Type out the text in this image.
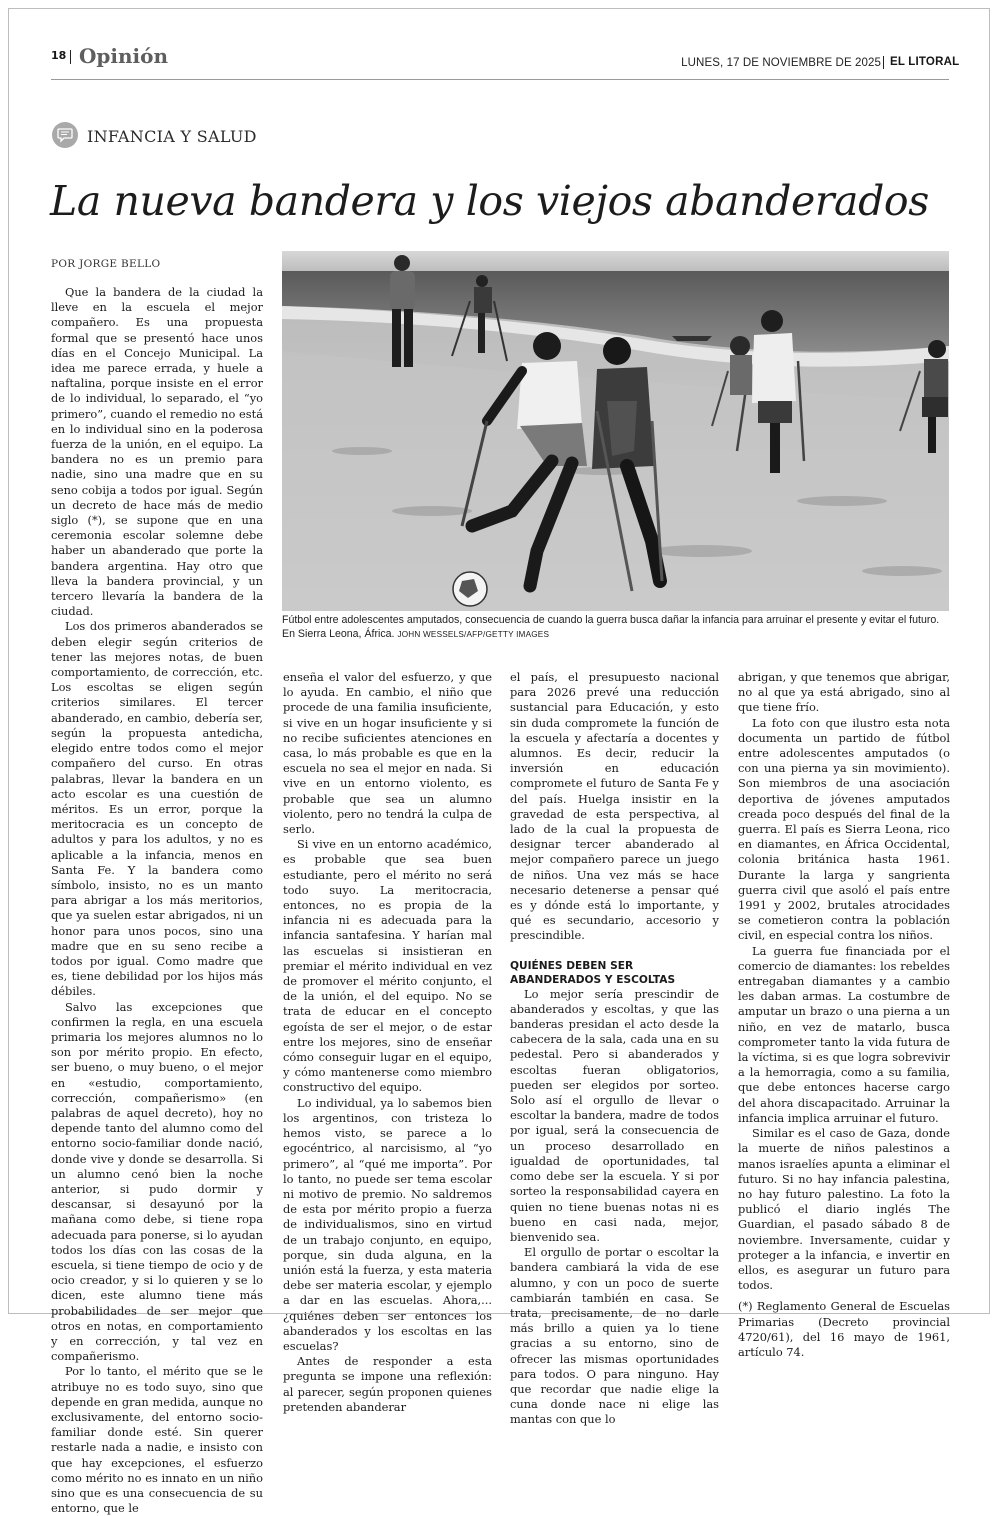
18 Opinión	LUNES, 17 DE NOVIEMBRE DE 2025 EL LITORAL
INFANCIA Y SALUD
La nueva bandera y los viejos abanderados
POR JORGE BELLO

Que la bandera de la ciudad la lleve en la escuela el mejor compañero. Es una propuesta formal que se presentó hace unos días en el Concejo Municipal. La idea me parece errada, y huele a naftalina, porque insiste en el error de lo individual, lo separado, el “yo primero”, cuando el remedio no está en lo individual sino en la poderosa fuerza de la unión, en el equipo. La bandera no es un premio para nadie, sino una madre que en su seno cobija a todos por igual. Según un decreto de hace más de medio siglo (*), se supone que en una ceremonia escolar solemne debe haber un abanderado que porte la bandera argentina. Hay otro que lleva la bandera provincial, y un tercero llevaría la bandera de la ciudad.

Los dos primeros abanderados se deben elegir según criterios de tener las mejores notas, de buen comportamiento, de corrección, etc. Los escoltas se eligen según criterios similares. El tercer abanderado, en cambio, debería ser, según la propuesta antedicha, elegido entre todos como el mejor compañero del curso. En otras palabras, llevar la bandera en un acto escolar es una cuestión de méritos. Es un error, porque la meritocracia es un concepto de adultos y para los adultos, y no es aplicable a la infancia, menos en Santa Fe. Y la bandera como símbolo, insisto, no es un manto para abrigar a los más meritorios, que ya suelen estar abrigados, ni un honor para unos pocos, sino una madre que en su seno recibe a todos por igual. Como madre que es, tiene debilidad por los hijos más débiles.

Salvo las excepciones que confirmen la regla, en una escuela primaria los mejores alumnos no lo son por mérito propio. En efecto, ser bueno, o muy bueno, o el mejor en «estudio, comportamiento, corrección, compañerismo» (en palabras de aquel decreto), hoy no depende tanto del alumno como del entorno socio-familiar donde nació, donde vive y donde se desarrolla. Si un alumno cenó bien la noche anterior, si pudo dormir y descansar, si desayunó por la mañana como debe, si tiene ropa adecuada para ponerse, si lo ayudan todos los días con las cosas de la escuela, si tiene tiempo de ocio y de ocio creador, y si lo quieren y se lo dicen, este alumno tiene más probabilidades de ser mejor que otros en notas, en comportamiento y en corrección, y tal vez en compañerismo.

Por lo tanto, el mérito que se le atribuye no es todo suyo, sino que depende en gran medida, aunque no exclusivamente, del entorno socio-familiar donde esté. Sin querer restarle nada a nadie, e insisto con que hay excepciones, el esfuerzo como mérito no es innato en un niño sino que es una consecuencia de su entorno, que le

Fútbol entre adolescentes amputados, consecuencia de cuando la guerra busca dañar la infancia para arruinar el presente y evitar el futuro. En Sierra Leona, África. JOHN WESSELS/AFP/GETTY IMAGES

enseña el valor del esfuerzo, y que lo ayuda. En cambio, el niño que procede de una familia insuficiente, si vive en un hogar insuficiente y si no recibe suficientes atenciones en casa, lo más probable es que en la escuela no sea el mejor en nada. Si vive en un entorno violento, es probable que sea un alumno violento, pero no tendrá la culpa de serlo.

Si vive en un entorno académico, es probable que sea buen estudiante, pero el mérito no será todo suyo. La meritocracia, entonces, no es propia de la infancia ni es adecuada para la infancia santafesina. Y harían mal las escuelas si insistieran en premiar el mérito individual en vez de promover el mérito conjunto, el de la unión, el del equipo. No se trata de educar en el concepto egoísta de ser el mejor, o de estar entre los mejores, sino de enseñar cómo conseguir lugar en el equipo, y cómo mantenerse como miembro constructivo del equipo.

Lo individual, ya lo sabemos bien los argentinos, con tristeza lo hemos visto, se parece a lo egocéntrico, al narcisismo, al “yo primero”, al “qué me importa”. Por lo tanto, no puede ser tema escolar ni motivo de premio. No saldremos de esta por mérito propio a fuerza de individualismos, sino en virtud de un trabajo conjunto, en equipo, porque, sin duda alguna, en la unión está la fuerza, y esta materia debe ser materia escolar, y ejemplo a dar en las escuelas. Ahora,... ¿quiénes deben ser entonces los abanderados y los escoltas en las escuelas?

Antes de responder a esta pregunta se impone una reflexión: al parecer, según proponen quienes pretenden abanderar

el país, el presupuesto nacional para 2026 prevé una reducción sustancial para Educación, y esto sin duda compromete la función de la escuela y afectaría a docentes y alumnos. Es decir, reducir la inversión en educación compromete el futuro de Santa Fe y del país. Huelga insistir en la gravedad de esta perspectiva, al lado de la cual la propuesta de designar tercer abanderado al mejor compañero parece un juego de niños. Una vez más se hace necesario detenerse a pensar qué es y dónde está lo importante, y qué es secundario, accesorio y prescindible.

QUIÉNES DEBEN SER ABANDERADOS Y ESCOLTAS

Lo mejor sería prescindir de abanderados y escoltas, y que las banderas presidan el acto desde la cabecera de la sala, cada una en su pedestal. Pero si abanderados y escoltas fueran obligatorios, pueden ser elegidos por sorteo. Solo así el orgullo de llevar o escoltar la bandera, madre de todos por igual, será la consecuencia de un proceso desarrollado en igualdad de oportunidades, tal como debe ser la escuela. Y si por sorteo la responsabilidad cayera en quien no tiene buenas notas ni es bueno en casi nada, mejor, bienvenido sea.

El orgullo de portar o escoltar la bandera cambiará la vida de ese alumno, y con un poco de suerte cambiarán también en casa. Se trata, precisamente, de no darle más brillo a quien ya lo tiene gracias a su entorno, sino de ofrecer las mismas oportunidades para todos. O para ninguno. Hay que recordar que nadie elige la cuna donde nace ni elige las mantas con que lo

abrigan, y que tenemos que abrigar, no al que ya está abrigado, sino al que tiene frío.

La foto con que ilustro esta nota documenta un partido de fútbol entre adolescentes amputados (o con una pierna ya sin movimiento). Son miembros de una asociación deportiva de jóvenes amputados creada poco después del final de la guerra. El país es Sierra Leona, rico en diamantes, en África Occidental, colonia británica hasta 1961. Durante la larga y sangrienta guerra civil que asoló el país entre 1991 y 2002, brutales atrocidades se cometieron contra la población civil, en especial contra los niños.

La guerra fue financiada por el comercio de diamantes: los rebeldes entregaban diamantes y a cambio les daban armas. La costumbre de amputar un brazo o una pierna a un niño, en vez de matarlo, busca comprometer tanto la vida futura de la víctima, si es que logra sobrevivir a la hemorragia, como a su familia, que debe entonces hacerse cargo del ahora discapacitado. Arruinar la infancia implica arruinar el futuro.

Similar es el caso de Gaza, donde la muerte de niños palestinos a manos israelíes apunta a eliminar el futuro. Si no hay infancia palestina, no hay futuro palestino. La foto la publicó el diario inglés The Guardian, el pasado sábado 8 de noviembre. Inversamente, cuidar y proteger a la infancia, e invertir en ellos, es asegurar un futuro para todos.

(*) Reglamento General de Escuelas Primarias (Decreto provincial 4720/61), del 16 mayo de 1961, artículo 74.
